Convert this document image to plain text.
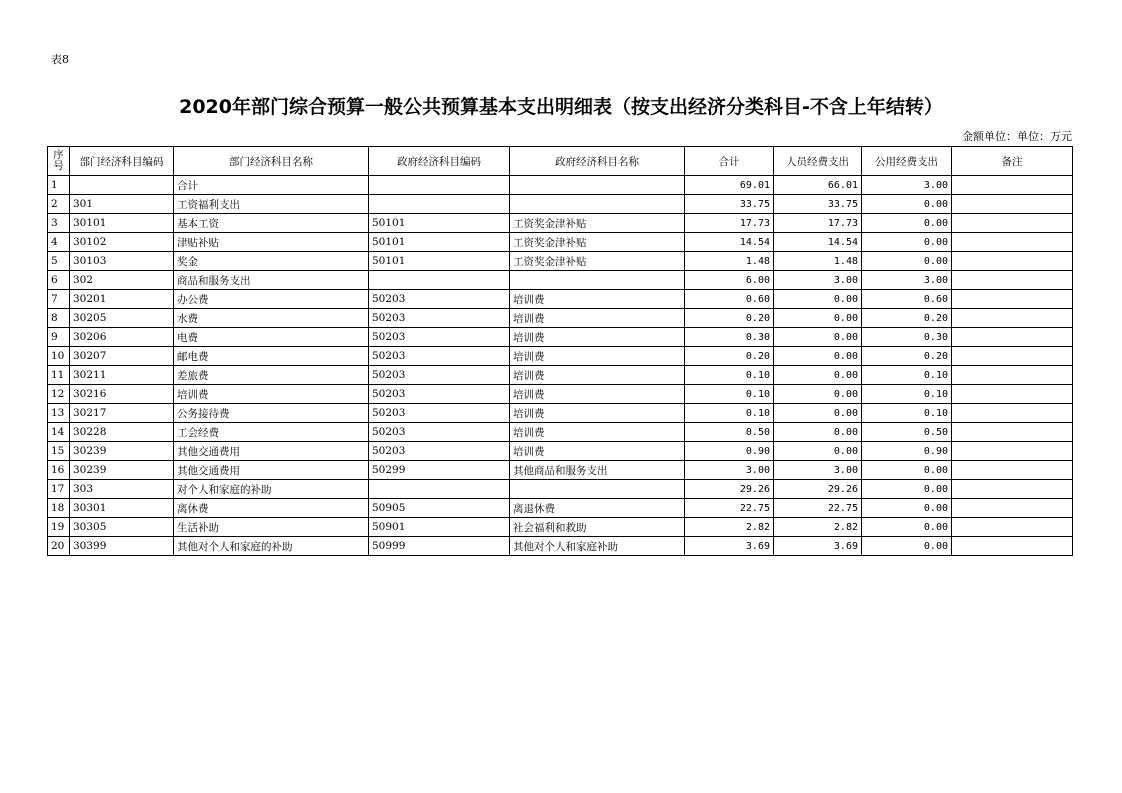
表8
2020年部门综合预算一般公共预算基本支出明细表（按支出经济分类科目-不含上年结转）
金额单位：单位：万元
序
号	部门经济科目编码	部门经济科目名称	政府经济科目编码	政府经济科目名称	合计	人员经费支出	公用经费支出	备注
1		合计			69.01	66.01	3.00	
2	301	工资福利支出			33.75	33.75	0.00	
3	30101	基本工资	50101	工资奖金津补贴	17.73	17.73	0.00	
4	30102	津贴补贴	50101	工资奖金津补贴	14.54	14.54	0.00	
5	30103	奖金	50101	工资奖金津补贴	1.48	1.48	0.00	
6	302	商品和服务支出			6.00	3.00	3.00	
7	30201	办公费	50203	培训费	0.60	0.00	0.60	
8	30205	水费	50203	培训费	0.20	0.00	0.20	
9	30206	电费	50203	培训费	0.30	0.00	0.30	
10	30207	邮电费	50203	培训费	0.20	0.00	0.20	
11	30211	差旅费	50203	培训费	0.10	0.00	0.10	
12	30216	培训费	50203	培训费	0.10	0.00	0.10	
13	30217	公务接待费	50203	培训费	0.10	0.00	0.10	
14	30228	工会经费	50203	培训费	0.50	0.00	0.50	
15	30239	其他交通费用	50203	培训费	0.90	0.00	0.90	
16	30239	其他交通费用	50299	其他商品和服务支出	3.00	3.00	0.00	
17	303	对个人和家庭的补助			29.26	29.26	0.00	
18	30301	离休费	50905	离退休费	22.75	22.75	0.00	
19	30305	生活补助	50901	社会福利和救助	2.82	2.82	0.00	
20	30399	其他对个人和家庭的补助	50999	其他对个人和家庭补助	3.69	3.69	0.00	
